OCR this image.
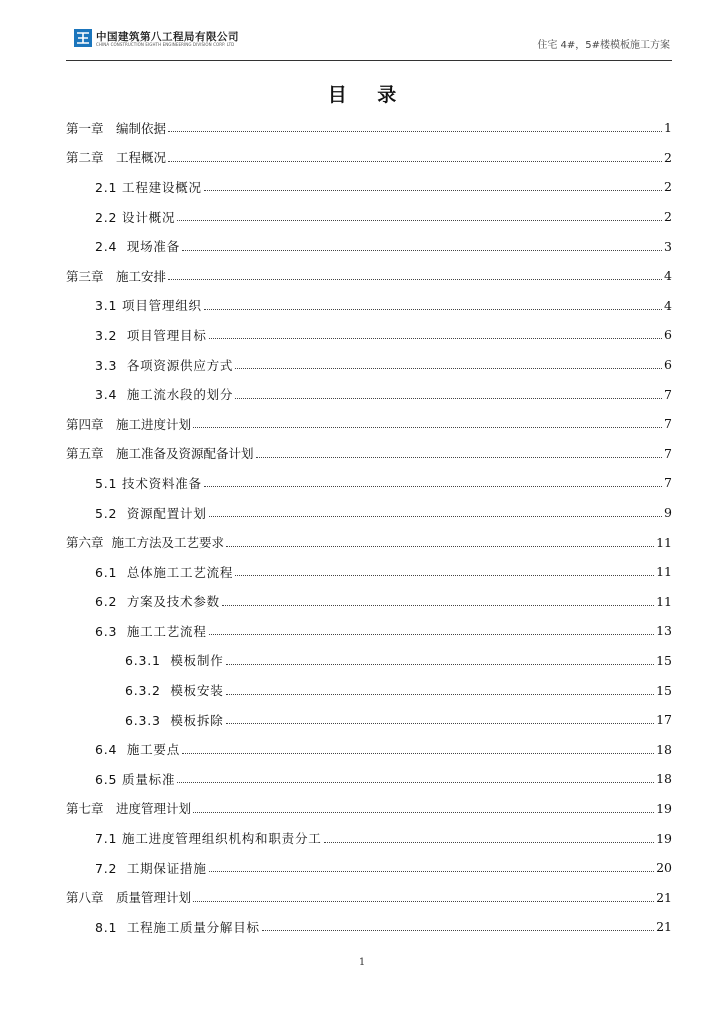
中国建筑第八工程局有限公司
CHINA CONSTRUCTION EIGHTH ENGINEERING DIVISION CORP. LTD	住宅 4#，5#楼模板施工方案
目 录
第一章　编制依据	1
第二章　工程概况	2
2.1 工程建设概况	2
2.2 设计概况	2
2.4  现场准备	3
第三章　施工安排	4
3.1 项目管理组织	4
3.2  项目管理目标	6
3.3  各项资源供应方式	6
3.4  施工流水段的划分	7
第四章　施工进度计划	7
第五章　施工准备及资源配备计划	7
5.1 技术资料准备	7
5.2  资源配置计划	9
第六章  施工方法及工艺要求	11
6.1  总体施工工艺流程	11
6.2  方案及技术参数	11
6.3  施工工艺流程	13
6.3.1  模板制作	15
6.3.2  模板安装	15
6.3.3  模板拆除	17
6.4  施工要点	18
6.5 质量标准	18
第七章　进度管理计划	19
7.1 施工进度管理组织机构和职责分工	19
7.2  工期保证措施	20
第八章　质量管理计划	21
8.1  工程施工质量分解目标	21
1
